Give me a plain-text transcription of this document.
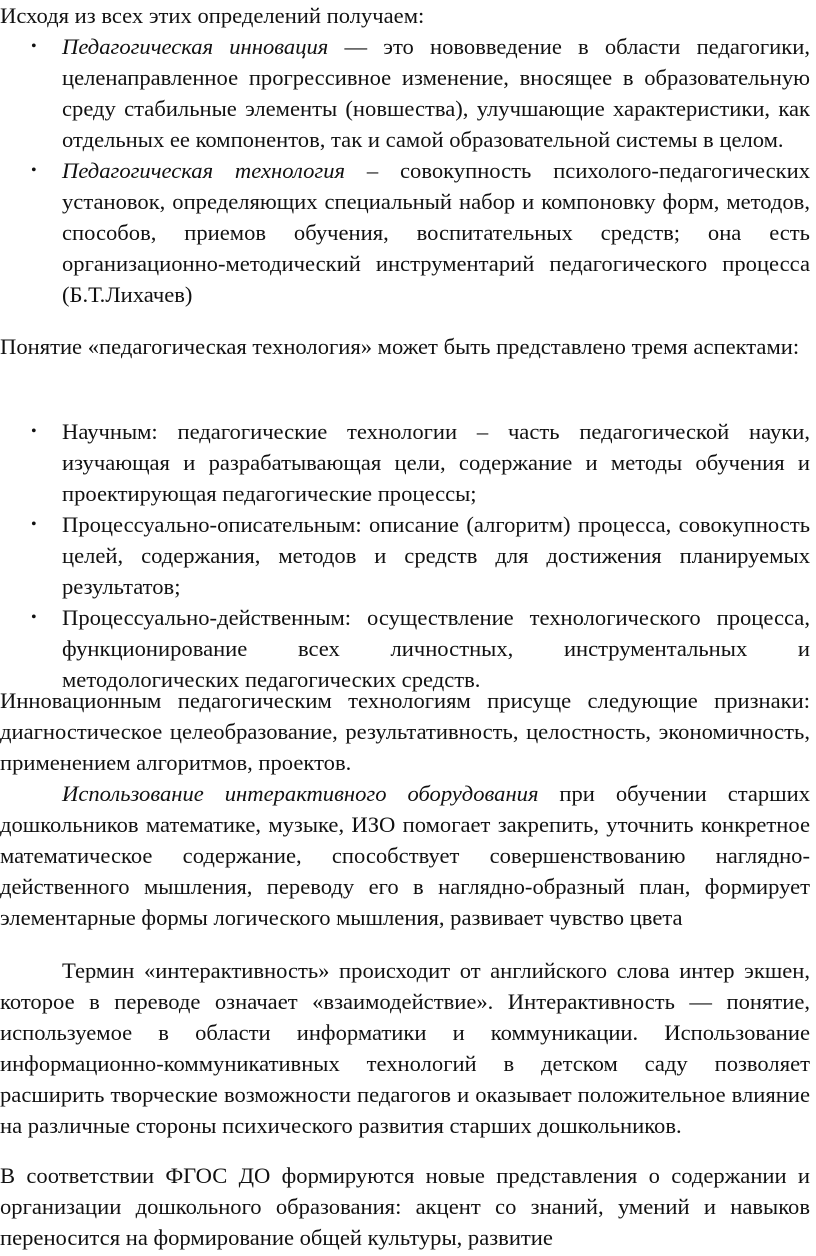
Исходя из всех этих определений получаем:

• Педагогическая инновация — это нововведение в области педагогики, целенаправленное прогрессивное изменение, вносящее в образовательную среду стабильные элементы (новшества), улучшающие характеристики, как отдельных ее компонентов, так и самой образовательной системы в целом.
• Педагогическая технология – совокупность психолого-педагогических установок, определяющих специальный набор и компоновку форм, методов, способов, приемов обучения, воспитательных средств; она есть организационно-методический инструментарий педагогического процесса (Б.Т.Лихачев)

Понятие «педагогическая технология» может быть представлено тремя аспектами:

• Научным: педагогические технологии – часть педагогической науки, изучающая и разрабатывающая цели, содержание и методы обучения и проектирующая педагогические процессы;
• Процессуально-описательным: описание (алгоритм) процесса, совокупность целей, содержания, методов и средств для достижения планируемых результатов;
• Процессуально-действенным: осуществление технологического процесса, функционирование всех личностных, инструментальных и методологических педагогических средств.

Инновационным педагогическим технологиям присуще следующие признаки: диагностическое целеобразование, результативность, целостность, экономичность, применением алгоритмов, проектов.

Использование интерактивного оборудования при обучении старших дошкольников математике, музыке, ИЗО помогает закрепить, уточнить конкретное математическое содержание, способствует совершенствованию наглядно-действенного мышления, переводу его в наглядно-образный план, формирует элементарные формы логического мышления, развивает чувство цвета

Термин «интерактивность» происходит от английского слова интер экшен, которое в переводе означает «взаимодействие». Интерактивность — понятие, используемое в области информатики и коммуникации. Использование информационно-коммуникативных технологий в детском саду позволяет расширить творческие возможности педагогов и оказывает положительное влияние на различные стороны психического развития старших дошкольников.

В соответствии ФГОС ДО формируются новые представления о содержании и организации дошкольного образования: акцент со знаний, умений и навыков переносится на формирование общей культуры, развитие
